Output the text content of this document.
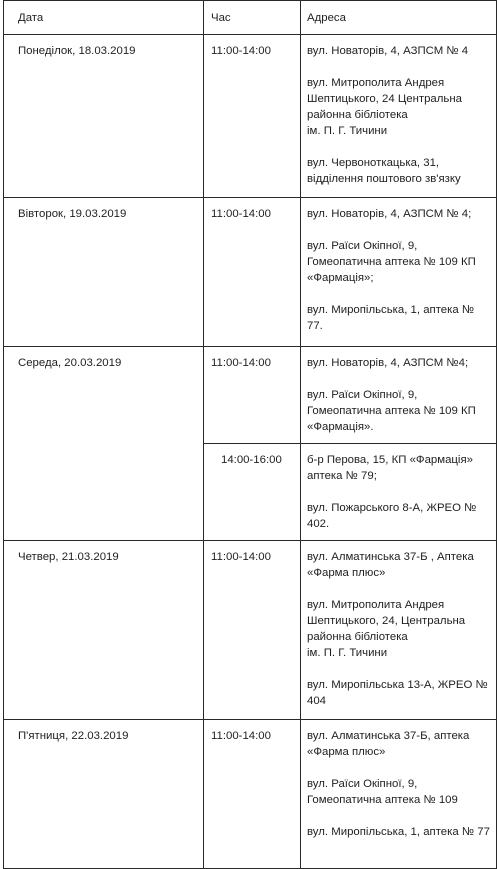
Дата	Час	Адреса

Понеділок, 18.03.2019	11:00-14:00	вул. Новаторів, 4, АЗПСМ № 4
вул. Митрополита Андрея Шептицького, 24 Центральна районна бібліотека
ім. П. Г. Тичини
вул. Червоноткацька, 31, відділення поштового зв'язку

Вівторок, 19.03.2019	11:00-14:00	вул. Новаторів, 4, АЗПСМ № 4;
вул. Раїси Окіпної, 9, Гомеопатична аптека № 109 КП «Фармація»;
вул. Миропільська, 1, аптека № 77.

Середа, 20.03.2019	11:00-14:00	вул. Новаторів, 4, АЗПСМ №4;
вул. Раїси Окіпної, 9, Гомеопатична аптека № 109 КП «Фармація».

	14:00-16:00	б-р Перова, 15, КП «Фармація» аптека № 79;
вул. Пожарського 8-А, ЖРЕО № 402.

Четвер, 21.03.2019	11:00-14:00	вул. Алматинська 37-Б , Аптека «Фарма плюс»
вул. Митрополита Андрея Шептицького, 24, Центральна районна бібліотека
ім. П. Г. Тичини
вул. Миропільська 13-А, ЖРЕО № 404

П'ятниця, 22.03.2019	11:00-14:00	вул. Алматинська 37-Б, аптека «Фарма плюс»
вул. Раїси Окіпної, 9, Гомеопатична аптека № 109
вул. Миропільська, 1, аптека № 77
